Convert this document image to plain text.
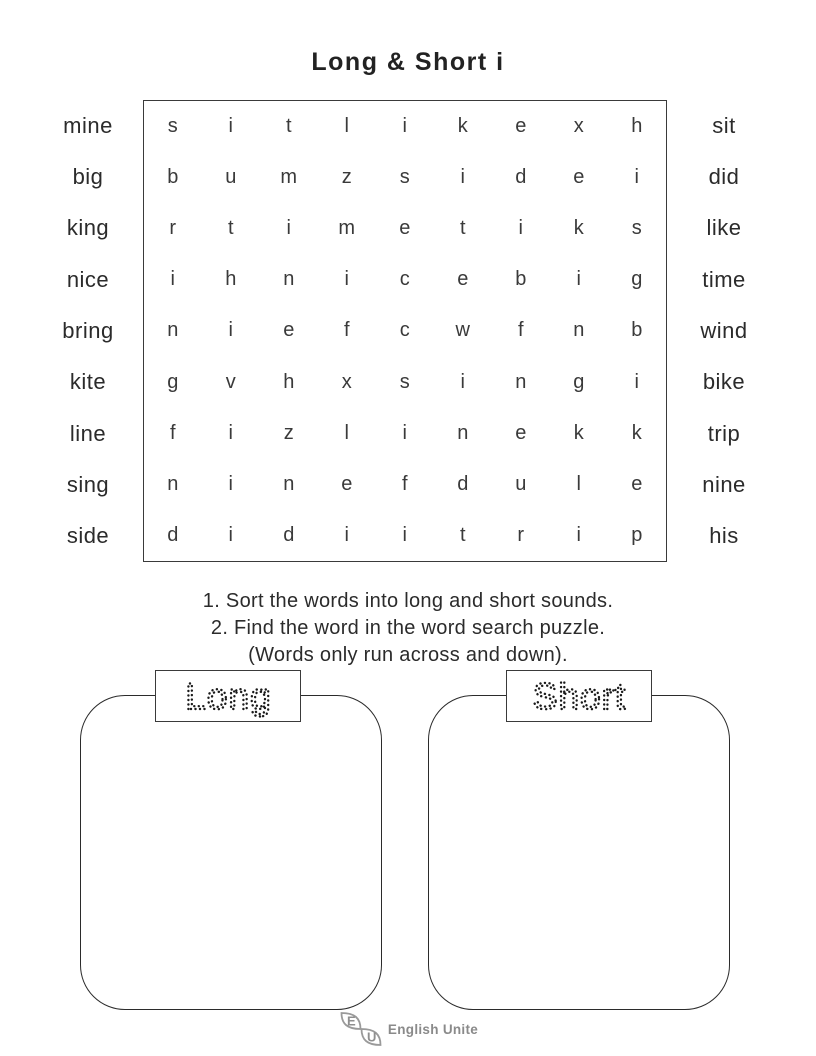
Long & Short i
mine
big
king
nice
bring
kite
line
sing
side
s	i	t	l	i	k	e	x	h
b	u	m	z	s	i	d	e	i
r	t	i	m	e	t	i	k	s
i	h	n	i	c	e	b	i	g
n	i	e	f	c	w	f	n	b
g	v	h	x	s	i	n	g	i
f	i	z	l	i	n	e	k	k
n	i	n	e	f	d	u	l	e
d	i	d	i	i	t	r	i	p
sit
did
like
time
wind
bike
trip
nine
his
1. Sort the words into long and short sounds.
2. Find the word in the word search puzzle.
(Words only run across and down).
Long	Short
E
U
English Unite
